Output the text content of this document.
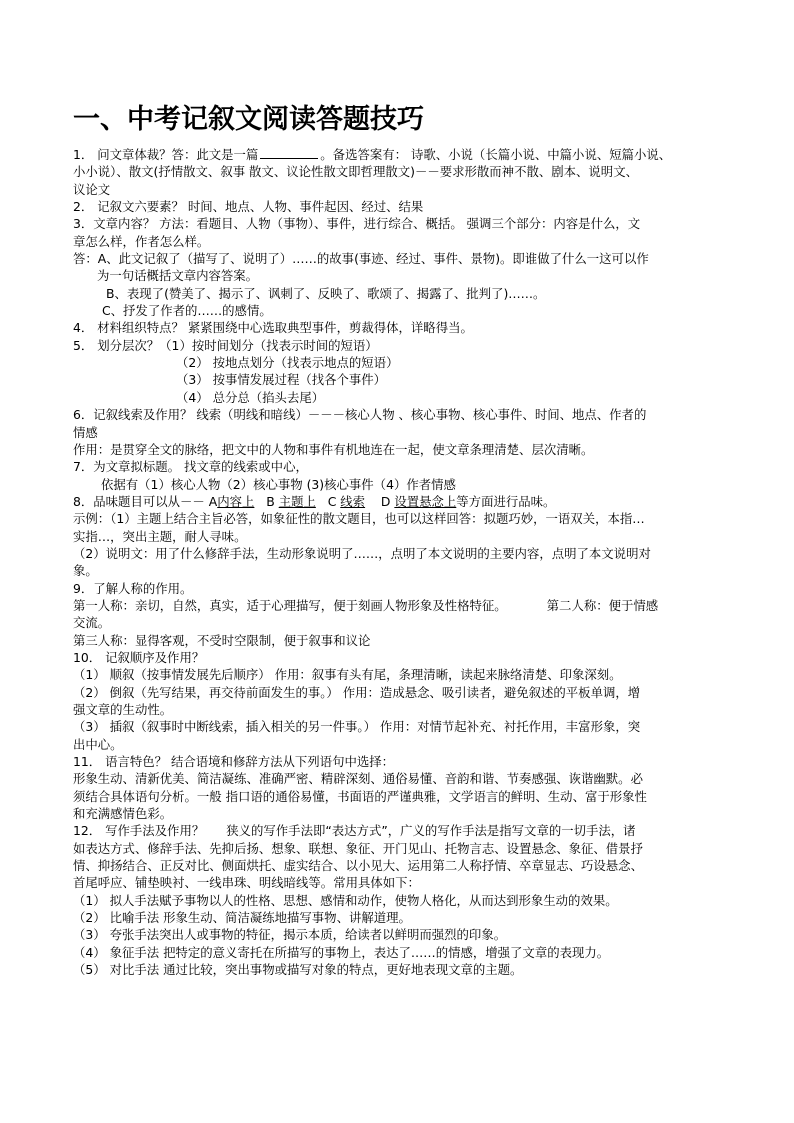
一、中考记叙文阅读答题技巧
1． 问文章体裁？答：此文是一篇	。备选答案有： 诗歌、小说（长篇小说、中篇小说、短篇小说、
小小说）、散文(抒情散文、叙事 散文、议论性散文即哲理散文)－－要求形散而神不散、剧本、说明文、
议论文
2． 记叙文六要素？ 时间、地点、人物、事件起因、经过、结果
3．文章内容？ 方法：看题目、人物（事物）、事件，进行综合、概括。 强调三个部分：内容是什么，文
章怎么样，作者怎么样。
答：A、此文记叙了（描写了、说明了）……的故事(事迹、经过、事件、景物)。即谁做了什么一这可以作
为一句话概括文章内容答案。
B、表现了(赞美了、揭示了、讽刺了、反映了、歌颂了、揭露了、批判了)……。
C、抒发了作者的……的感情。
4． 材料组织特点？ 紧紧围绕中心选取典型事件，剪裁得体，详略得当。
5． 划分层次？（1）按时间划分（找表示时间的短语）
（2） 按地点划分（找表示地点的短语）
（3） 按事情发展过程（找各个事件）
（4） 总分总（掐头去尾）
6．记叙线索及作用？ 线索（明线和暗线）－－－核心人物 、核心事物、核心事件、时间、地点、作者的
情感
作用：是贯穿全文的脉络，把文中的人物和事件有机地连在一起，使文章条理清楚、层次清晰。
7．为文章拟标题。 找文章的线索或中心，
依据有（1）核心人物（2）核心事物 (3)核心事件（4）作者情感
8．品味题目可以从－－ A内容上 B 主题上 C 线索 D 设置悬念上等方面进行品味。
示例：（1）主题上结合主旨必答，如象征性的散文题目，也可以这样回答：拟题巧妙，一语双关，本指…
实指…，突出主题，耐人寻味。
（2）说明文：用了什么修辞手法，生动形象说明了……，点明了本文说明的主要内容，点明了本文说明对
象。
9．了解人称的作用。
第一人称：亲切，自然，真实，适于心理描写，便于刻画人物形象及性格特征。	第二人称：便于情感
交流。
第三人称：显得客观，不受时空限制，便于叙事和议论
10． 记叙顺序及作用？
（1） 顺叙（按事情发展先后顺序） 作用：叙事有头有尾，条理清晰，读起来脉络清楚、印象深刻。
（2） 倒叙（先写结果，再交待前面发生的事。） 作用：造成悬念、吸引读者，避免叙述的平板单调，增
强文章的生动性。
（3） 插叙（叙事时中断线索，插入相关的另一件事。） 作用：对情节起补充、衬托作用，丰富形象，突
出中心。
11． 语言特色？ 结合语境和修辞方法从下列语句中选择：
形象生动、清新优美、简洁凝练、准确严密、精辟深刻、通俗易懂、音韵和谐、节奏感强、诙谐幽默。必
须结合具体语句分析。一般 指口语的通俗易懂，书面语的严谨典雅，文学语言的鲜明、生动、富于形象性
和充满感情色彩。
12． 写作手法及作用？ 狭义的写作手法即“表达方式”，广义的写作手法是指写文章的一切手法，诸
如表达方式、修辞手法、先抑后扬、想象、联想、象征、开门见山、托物言志、设置悬念、象征、借景抒
情、抑扬结合、正反对比、侧面烘托、虚实结合、以小见大、运用第二人称抒情、卒章显志、巧设悬念、
首尾呼应、铺垫映衬、一线串珠、明线暗线等。常用具体如下：
（1） 拟人手法赋予事物以人的性格、思想、感情和动作，使物人格化，从而达到形象生动的效果。
（2） 比喻手法 形象生动、简洁凝练地描写事物、讲解道理。
（3） 夸张手法突出人或事物的特征，揭示本质，给读者以鲜明而强烈的印象。
（4） 象征手法 把特定的意义寄托在所描写的事物上，表达了……的情感，增强了文章的表现力。
（5） 对比手法 通过比较，突出事物或描写对象的特点，更好地表现文章的主题。
